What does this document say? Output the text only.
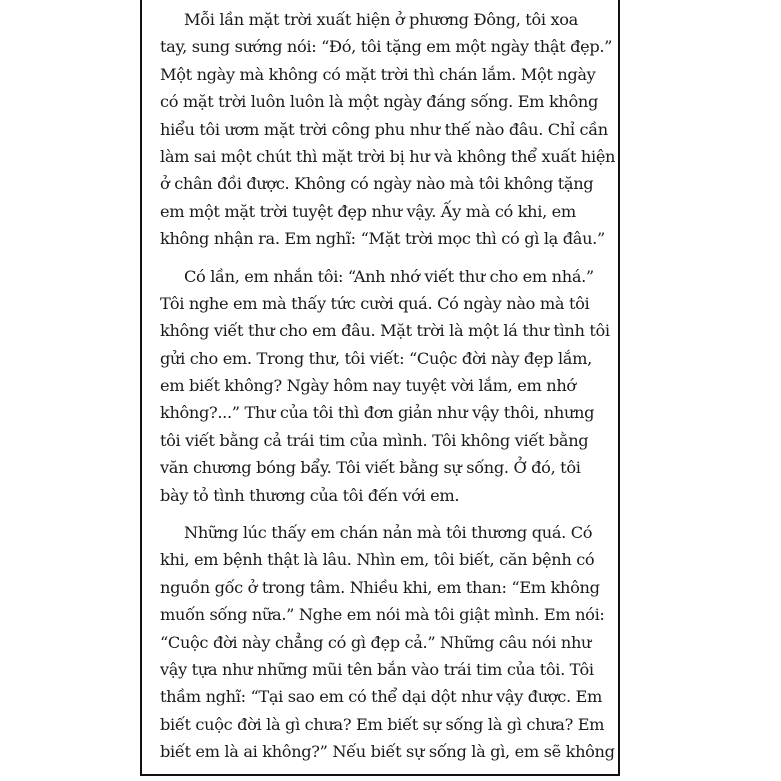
Mỗi lần mặt trời xuất hiện ở phương Đông, tôi xoa
tay, sung sướng nói: “Đó, tôi tặng em một ngày thật đẹp.”
Một ngày mà không có mặt trời thì chán lắm. Một ngày
có mặt trời luôn luôn là một ngày đáng sống. Em không
hiểu tôi ươm mặt trời công phu như thế nào đâu. Chỉ cần
làm sai một chút thì mặt trời bị hư và không thể xuất hiện
ở chân đồi được. Không có ngày nào mà tôi không tặng
em một mặt trời tuyệt đẹp như vậy. Ấy mà có khi, em
không nhận ra. Em nghĩ: “Mặt trời mọc thì có gì lạ đâu.”

Có lần, em nhắn tôi: “Anh nhớ viết thư cho em nhá.”
Tôi nghe em mà thấy tức cười quá. Có ngày nào mà tôi
không viết thư cho em đâu. Mặt trời là một lá thư tình tôi
gửi cho em. Trong thư, tôi viết: “Cuộc đời này đẹp lắm,
em biết không? Ngày hôm nay tuyệt vời lắm, em nhớ
không?...” Thư của tôi thì đơn giản như vậy thôi, nhưng
tôi viết bằng cả trái tim của mình. Tôi không viết bằng
văn chương bóng bẩy. Tôi viết bằng sự sống. Ở đó, tôi
bày tỏ tình thương của tôi đến với em.

Những lúc thấy em chán nản mà tôi thương quá. Có
khi, em bệnh thật là lâu. Nhìn em, tôi biết, căn bệnh có
nguồn gốc ở trong tâm. Nhiều khi, em than: “Em không
muốn sống nữa.” Nghe em nói mà tôi giật mình. Em nói:
“Cuộc đời này chẳng có gì đẹp cả.” Những câu nói như
vậy tựa như những mũi tên bắn vào trái tim của tôi. Tôi
thầm nghĩ: “Tại sao em có thể dại dột như vậy được. Em
biết cuộc đời là gì chưa? Em biết sự sống là gì chưa? Em
biết em là ai không?” Nếu biết sự sống là gì, em sẽ không
